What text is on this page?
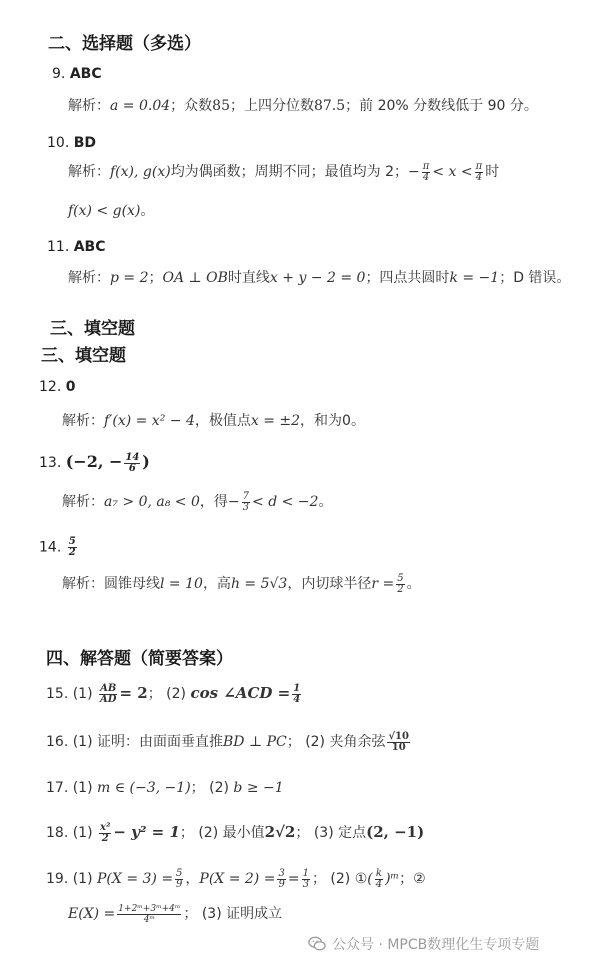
二、选择题（多选）
9. ABC
解析：a = 0.04；众数85；上四分位数87.5；前 20% 分数线低于 90 分。
10. BD
解析：f(x), g(x)均为偶函数；周期不同；最值均为 2；− $\frac{\pi}{4} < x < \frac{\pi}{4}$ 时
f(x) < g(x)。
11. ABC
解析：p = 2；OA ⊥ OB时直线x + y − 2 = 0；四点共圆时k = −1；D 错误。
三、填空题
三、填空题
12. 0
解析：f′(x) = x² − 4，极值点x = ±2，和为0。
13. (−2, − $\frac{14}{6}$ )
解析：a₇ > 0, a₈ < 0，得− $\frac{7}{3} < d < -2$。
14. $\frac{5}{2}$
解析：圆锥母线l = 10，高h = 5√3，内切球半径$r = \frac{5}{2}$ 。
四、解答题（简要答案）
15. $(1) \frac{AB}{AD} = 2$； (2) cos ∠ACD = $\frac{1}{4}$
16. (1) 证明：由面面垂直推BD ⊥ PC； (2) 夹角余弦 $\frac{√10}{10}$
17. (1) m ∈ (−3, −1)； (2) b ≥ −1
18. $(1) \frac{\text{x²}}{2} - y^2 = 1$； (2) 最小值2√2； (3) 定点(2, −1)
19. (1) $P(X = 3) = \frac{5}{9}$ ，$P(X = 2) = \frac{3}{9} = \frac{1}{3}$ ； (2) ①( $\frac{k}{4}$ )ᵐ；②
$E(X) = \frac{\text{1+2ᵐ+3ᵐ+4ᵐ}}{\text{4ᵐ}}$ ； (3) 证明成立
公众号 · MPCB数理化生专项专题
